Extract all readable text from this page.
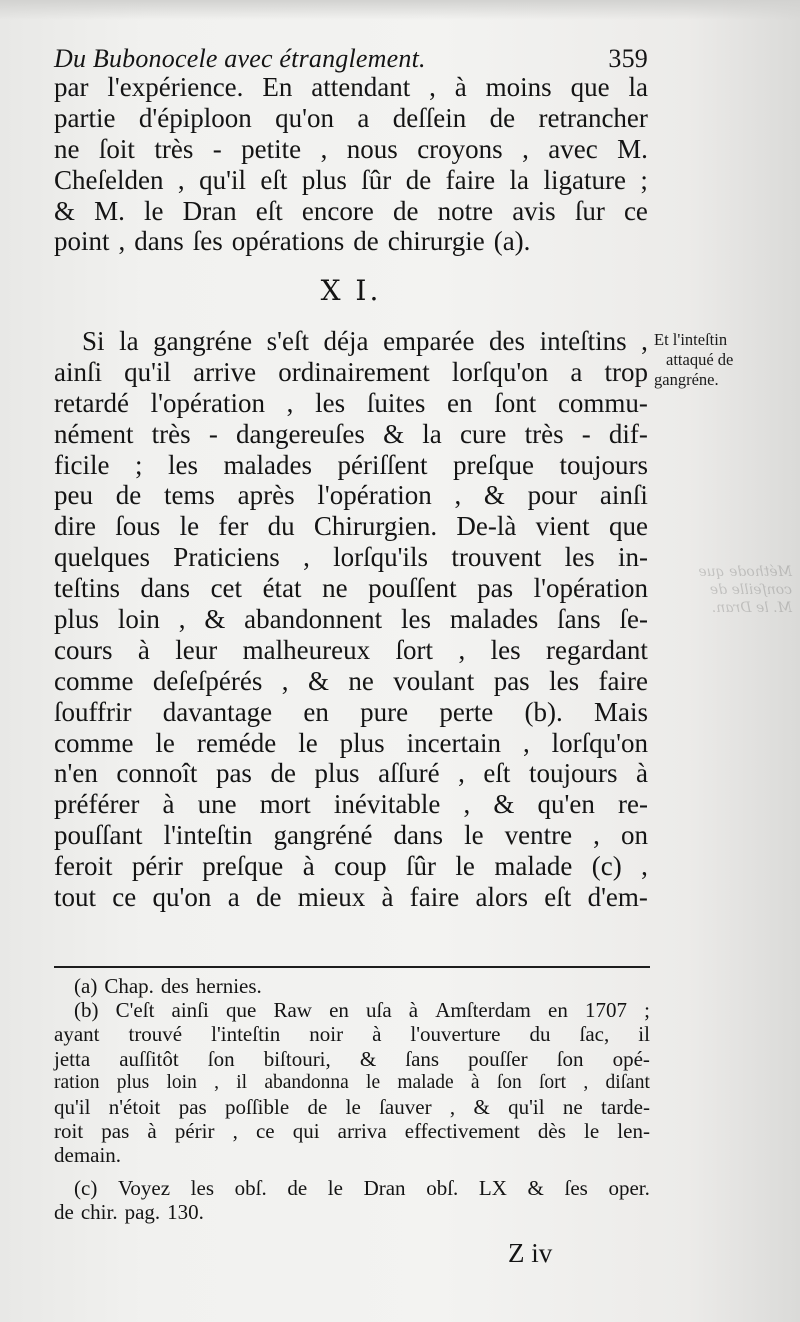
Du Bubonocele avec étranglement.	359
par l'expérience. En attendant , à moins que la
partie d'épiploon qu'on a deſſein de retrancher
ne ſoit très - petite , nous croyons , avec M.
Cheſelden , qu'il eſt plus ſûr de faire la ligature ;
& M. le Dran eſt encore de notre avis ſur ce
point , dans ſes opérations de chirurgie (a).
X I.
Et l'inteſtin
attaqué de
gangréne.
Si la gangréne s'eſt déja emparée des inteſtins ,
ainſi qu'il arrive ordinairement lorſqu'on a trop
retardé l'opération , les ſuites en ſont commu-
nément très - dangereuſes & la cure très - dif-
ficile ; les malades périſſent preſque toujours
peu de tems après l'opération , & pour ainſi
dire ſous le fer du Chirurgien. De-là vient que
quelques Praticiens , lorſqu'ils trouvent les in-
teſtins dans cet état ne pouſſent pas l'opération
plus loin , & abandonnent les malades ſans ſe-
cours à leur malheureux ſort , les regardant
comme deſeſpérés , & ne voulant pas les faire
ſouffrir davantage en pure perte (b). Mais
comme le reméde le plus incertain , lorſqu'on
n'en connoît pas de plus aſſuré , eſt toujours à
préférer à une mort inévitable , & qu'en re-
pouſſant l'inteſtin gangréné dans le ventre , on
feroit périr preſque à coup ſûr le malade (c) ,
tout ce qu'on a de mieux à faire alors eſt d'em-
Méthode que
conſeille de
M. le Dran.
(a) Chap. des hernies.
(b) C'eſt ainſi que Raw en uſa à Amſterdam en 1707 ;
ayant trouvé l'inteſtin noir à l'ouverture du ſac, il
jetta auſſitôt ſon biſtouri, & ſans pouſſer ſon opé-
ration plus loin , il abandonna le malade à ſon ſort , diſant
qu'il n'étoit pas poſſible de le ſauver , & qu'il ne tarde-
roit pas à périr , ce qui arriva effectivement dès le len-
demain.
(c) Voyez les obſ. de le Dran obſ. LX & ſes oper.
de chir. pag. 130.
Z iv
